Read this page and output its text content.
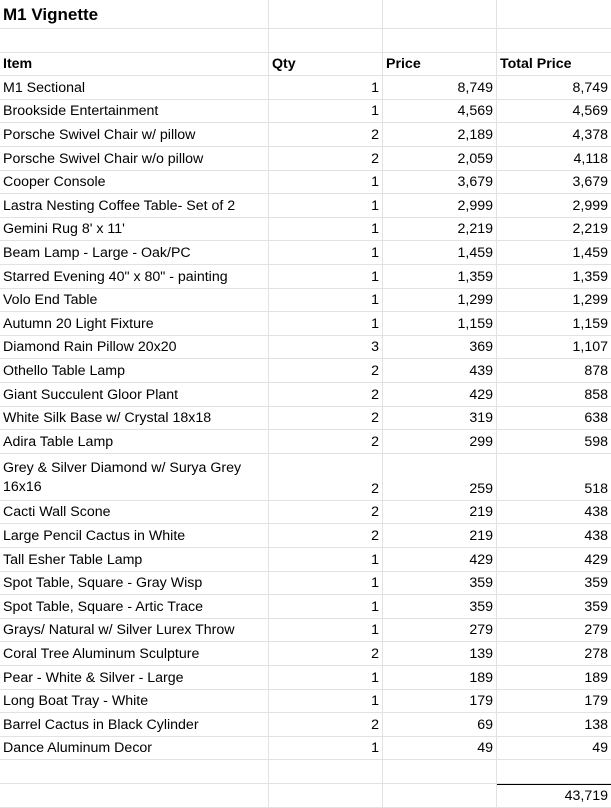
M1 Vignette
Item	Qty	Price	Total Price
M1 Sectional	1	8,749	8,749
Brookside Entertainment	1	4,569	4,569
Porsche Swivel Chair w/ pillow	2	2,189	4,378
Porsche Swivel Chair w/o pillow	2	2,059	4,118
Cooper Console	1	3,679	3,679
Lastra Nesting Coffee Table- Set of 2	1	2,999	2,999
Gemini Rug 8' x 11'	1	2,219	2,219
Beam Lamp - Large - Oak/PC	1	1,459	1,459
Starred Evening 40" x 80" - painting	1	1,359	1,359
Volo End Table	1	1,299	1,299
Autumn 20 Light Fixture	1	1,159	1,159
Diamond Rain Pillow 20x20	3	369	1,107
Othello Table Lamp	2	439	878
Giant Succulent Gloor Plant	2	429	858
White Silk Base w/ Crystal 18x18	2	319	638
Adira Table Lamp	2	299	598
Grey & Silver Diamond w/ Surya Grey 16x16	2	259	518
Cacti Wall Scone	2	219	438
Large Pencil Cactus in White	2	219	438
Tall Esher Table Lamp	1	429	429
Spot Table, Square - Gray Wisp	1	359	359
Spot Table, Square - Artic Trace	1	359	359
Grays/ Natural w/ Silver Lurex Throw	1	279	279
Coral Tree Aluminum Sculpture	2	139	278
Pear - White & Silver - Large	1	189	189
Long Boat Tray - White	1	179	179
Barrel Cactus in Black Cylinder	2	69	138
Dance Aluminum Decor	1	49	49
43,719
